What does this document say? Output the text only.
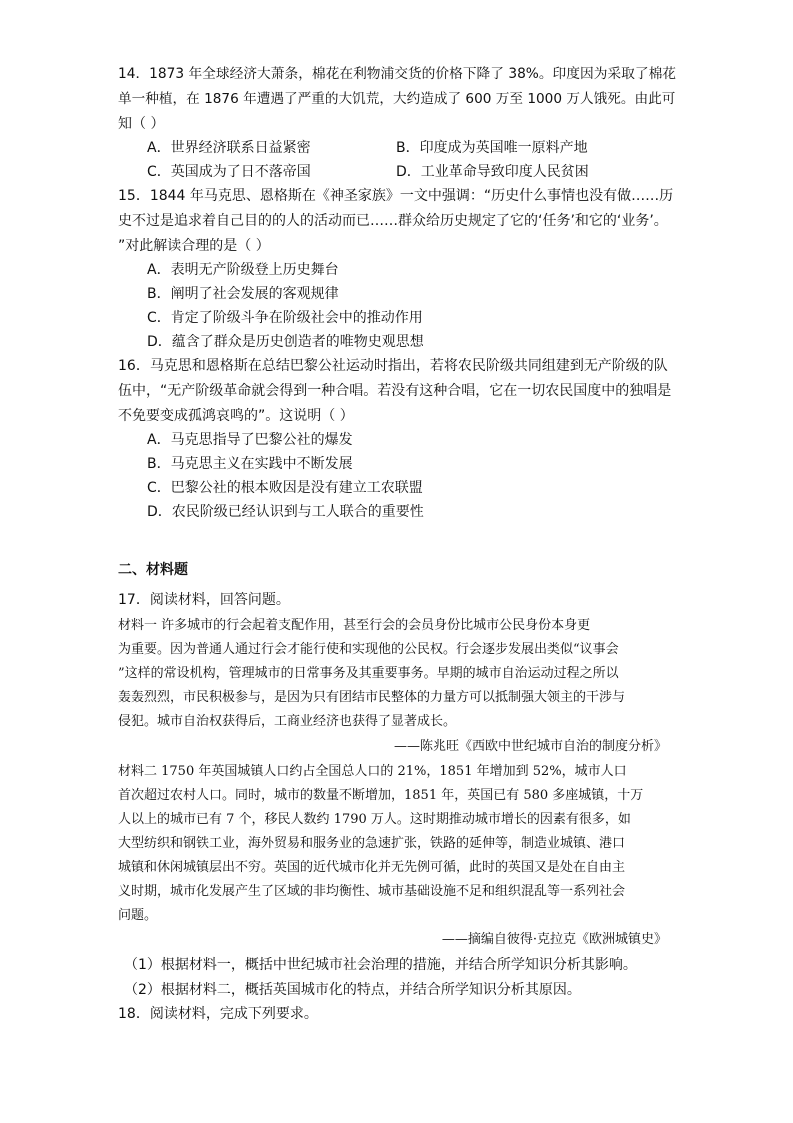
14．1873 年全球经济大萧条，棉花在利物浦交货的价格下降了 38%。印度因为采取了棉花
单一种植，在 1876 年遭遇了严重的大饥荒，大约造成了 600 万至 1000 万人饿死。由此可
知（ ）
A．世界经济联系日益紧密	B．印度成为英国唯一原料产地
C．英国成为了日不落帝国	D．工业革命导致印度人民贫困
15．1844 年马克思、恩格斯在《神圣家族》一文中强调：“历史什么事情也没有做……历
史不过是追求着自己目的的人的活动而已……群众给历史规定了它的‘任务’和它的‘业务’。
”对此解读合理的是（ ）
A．表明无产阶级登上历史舞台
B．阐明了社会发展的客观规律
C．肯定了阶级斗争在阶级社会中的推动作用
D．蕴含了群众是历史创造者的唯物史观思想
16．马克思和恩格斯在总结巴黎公社运动时指出，若将农民阶级共同组建到无产阶级的队
伍中，“无产阶级革命就会得到一种合唱。若没有这种合唱，它在一切农民国度中的独唱是
不免要变成孤鸿哀鸣的”。这说明（ ）
A．马克思指导了巴黎公社的爆发
B．马克思主义在实践中不断发展
C．巴黎公社的根本败因是没有建立工农联盟
D．农民阶级已经认识到与工人联合的重要性
二、材料题
17．阅读材料，回答问题。
材料一 许多城市的行会起着支配作用，甚至行会的会员身份比城市公民身份本身更
为重要。因为普通人通过行会才能行使和实现他的公民权。行会逐步发展出类似“议事会
”这样的常设机构，管理城市的日常事务及其重要事务。早期的城市自治运动过程之所以
轰轰烈烈，市民积极参与，是因为只有团结市民整体的力量方可以抵制强大领主的干涉与
侵犯。城市自治权获得后，工商业经济也获得了显著成长。
——陈兆旺《西欧中世纪城市自治的制度分析》
材料二 1750 年英国城镇人口约占全国总人口的 21%，1851 年增加到 52%，城市人口
首次超过农村人口。同时，城市的数量不断增加，1851 年，英国已有 580 多座城镇，十万
人以上的城市已有 7 个，移民人数约 1790 万人。这时期推动城市增长的因素有很多，如
大型纺织和钢铁工业，海外贸易和服务业的急速扩张，铁路的延伸等，制造业城镇、港口
城镇和休闲城镇层出不穷。英国的近代城市化并无先例可循，此时的英国又是处在自由主
义时期，城市化发展产生了区域的非均衡性、城市基础设施不足和组织混乱等一系列社会
问题。
——摘编自彼得·克拉克《欧洲城镇史》
（1）根据材料一，概括中世纪城市社会治理的措施，并结合所学知识分析其影响。
（2）根据材料二，概括英国城市化的特点，并结合所学知识分析其原因。
18．阅读材料，完成下列要求。
